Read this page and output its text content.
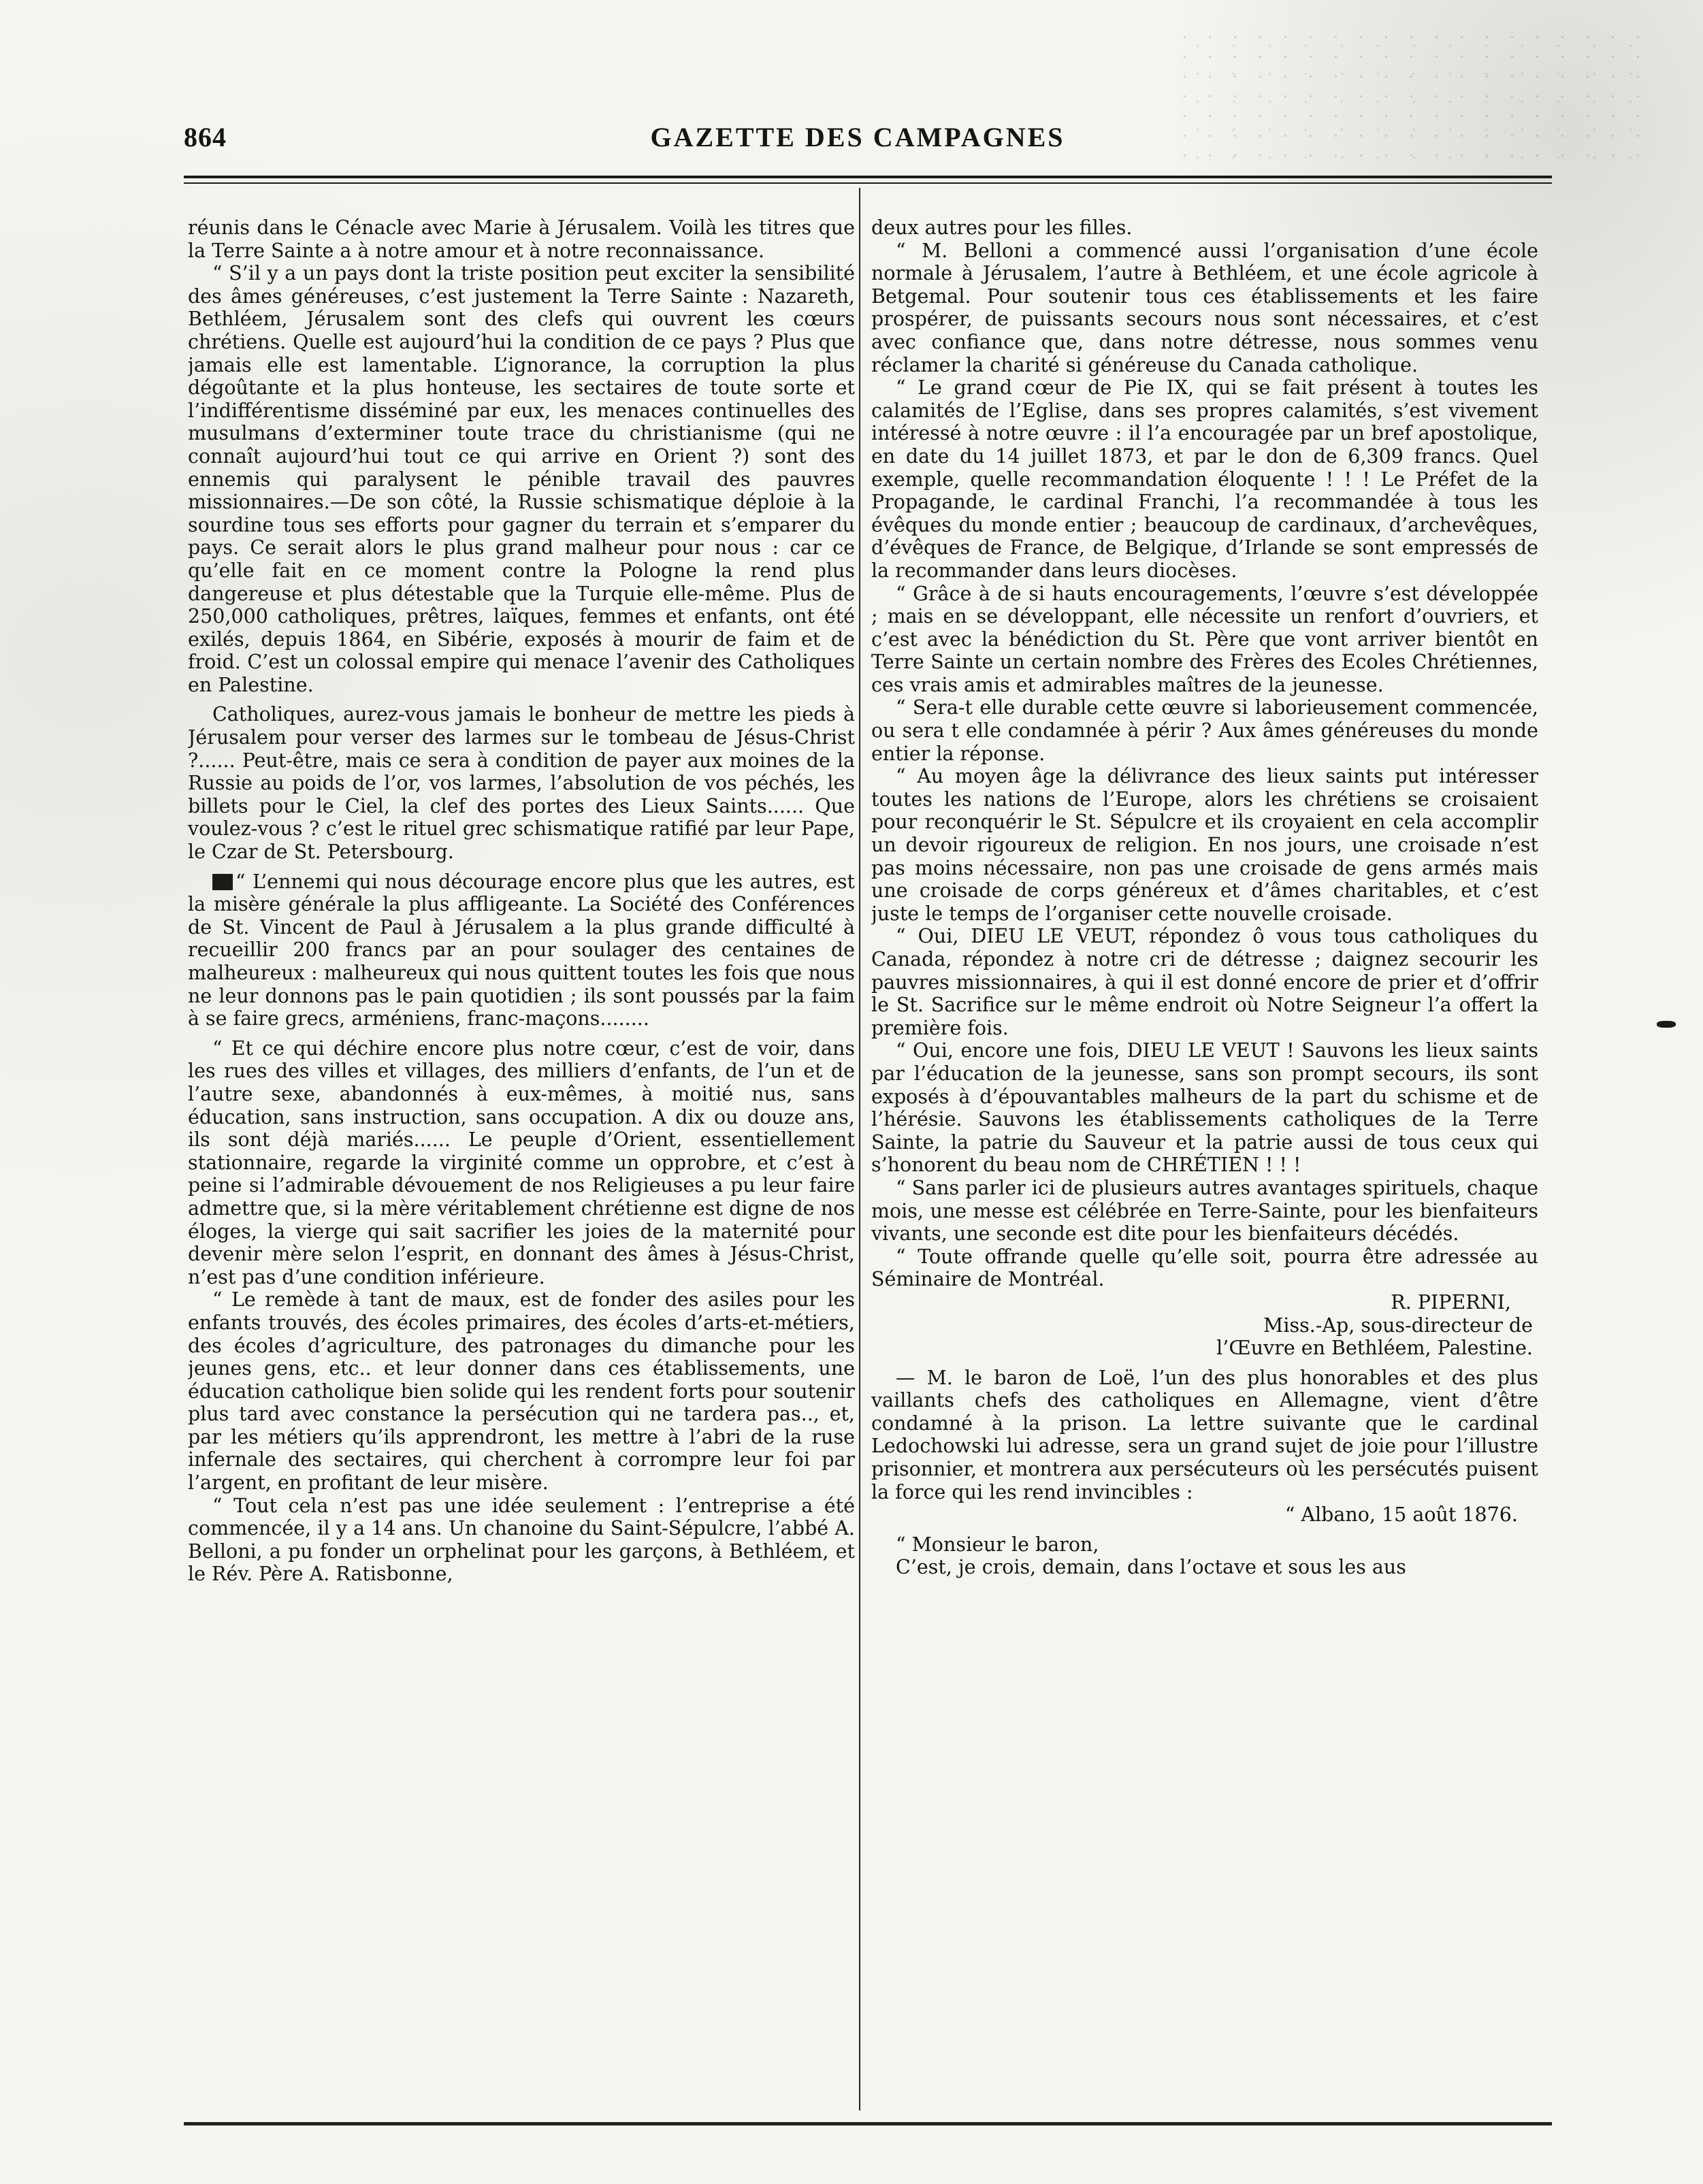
864	GAZETTE DES CAMPAGNES

réunis dans le Cénacle avec Marie à Jérusalem. Voilà les titres que la Terre Sainte a à notre amour et à notre reconnaissance.

“ S’il y a un pays dont la triste position peut exciter la sensibilité des âmes généreuses, c’est justement la Terre Sainte : Nazareth, Bethléem, Jérusalem sont des clefs qui ouvrent les cœurs chrétiens. Quelle est aujourd’hui la condition de ce pays ? Plus que jamais elle est lamentable. L’ignorance, la corruption la plus dégoûtante et la plus honteuse, les sectaires de toute sorte et l’indifférentisme disséminé par eux, les menaces continuelles des musulmans d’exterminer toute trace du christianisme (qui ne connaît aujourd’hui tout ce qui arrive en Orient ?) sont des ennemis qui paralysent le pénible travail des pauvres missionnaires.—De son côté, la Russie schismatique déploie à la sourdine tous ses efforts pour gagner du terrain et s’emparer du pays. Ce serait alors le plus grand malheur pour nous : car ce qu’elle fait en ce moment contre la Pologne la rend plus dangereuse et plus détestable que la Turquie elle-même. Plus de 250,000 catholiques, prêtres, laïques, femmes et enfants, ont été exilés, depuis 1864, en Sibérie, exposés à mourir de faim et de froid. C’est un colossal empire qui menace l’avenir des Catholiques en Palestine.

Catholiques, aurez-vous jamais le bonheur de mettre les pieds à Jérusalem pour verser des larmes sur le tombeau de Jésus-Christ ?...... Peut-être, mais ce sera à condition de payer aux moines de la Russie au poids de l’or, vos larmes, l’absolution de vos péchés, les billets pour le Ciel, la clef des portes des Lieux Saints...... Que voulez-vous ? c’est le rituel grec schismatique ratifié par leur Pape, le Czar de St. Petersbourg.

“ L’ennemi qui nous décourage encore plus que les autres, est la misère générale la plus affligeante. La Société des Conférences de St. Vincent de Paul à Jérusalem a la plus grande difficulté à recueillir 200 francs par an pour soulager des centaines de malheureux : malheureux qui nous quittent toutes les fois que nous ne leur donnons pas le pain quotidien ; ils sont poussés par la faim à se faire grecs, arméniens, franc-maçons........

“ Et ce qui déchire encore plus notre cœur, c’est de voir, dans les rues des villes et villages, des milliers d’enfants, de l’un et de l’autre sexe, abandonnés à eux-mêmes, à moitié nus, sans éducation, sans instruction, sans occupation. A dix ou douze ans, ils sont déjà mariés...... Le peuple d’Orient, essentiellement stationnaire, regarde la virginité comme un opprobre, et c’est à peine si l’admirable dévouement de nos Religieuses a pu leur faire admettre que, si la mère véritablement chrétienne est digne de nos éloges, la vierge qui sait sacrifier les joies de la maternité pour devenir mère selon l’esprit, en donnant des âmes à Jésus-Christ, n’est pas d’une condition inférieure.

“ Le remède à tant de maux, est de fonder des asiles pour les enfants trouvés, des écoles primaires, des écoles d’arts-et-métiers, des écoles d’agriculture, des patronages du dimanche pour les jeunes gens, etc.. et leur donner dans ces établissements, une éducation catholique bien solide qui les rendent forts pour soutenir plus tard avec constance la persécution qui ne tardera pas.., et, par les métiers qu’ils apprendront, les mettre à l’abri de la ruse infernale des sectaires, qui cherchent à corrompre leur foi par l’argent, en profitant de leur misère.

“ Tout cela n’est pas une idée seulement : l’entreprise a été commencée, il y a 14 ans. Un chanoine du Saint-Sépulcre, l’abbé A. Belloni, a pu fonder un orphelinat pour les garçons, à Bethléem, et le Rév. Père A. Ratisbonne,

deux autres pour les filles.

“ M. Belloni a commencé aussi l’organisation d’une école normale à Jérusalem, l’autre à Bethléem, et une école agricole à Betgemal. Pour soutenir tous ces établissements et les faire prospérer, de puissants secours nous sont nécessaires, et c’est avec confiance que, dans notre détresse, nous sommes venu réclamer la charité si généreuse du Canada catholique.

“ Le grand cœur de Pie IX, qui se fait présent à toutes les calamités de l’Eglise, dans ses propres calamités, s’est vivement intéressé à notre œuvre : il l’a encouragée par un bref apostolique, en date du 14 juillet 1873, et par le don de 6,309 francs. Quel exemple, quelle recommandation éloquente ! ! ! Le Préfet de la Propagande, le cardinal Franchi, l’a recommandée à tous les évêques du monde entier ; beaucoup de cardinaux, d’archevêques, d’évêques de France, de Belgique, d’Irlande se sont empressés de la recommander dans leurs diocèses.

“ Grâce à de si hauts encouragements, l’œuvre s’est développée ; mais en se développant, elle nécessite un renfort d’ouvriers, et c’est avec la bénédiction du St. Père que vont arriver bientôt en Terre Sainte un certain nombre des Frères des Ecoles Chrétiennes, ces vrais amis et admirables maîtres de la jeunesse.

“ Sera-t elle durable cette œuvre si laborieusement commencée, ou sera t elle condamnée à périr ? Aux âmes généreuses du monde entier la réponse.

“ Au moyen âge la délivrance des lieux saints put intéresser toutes les nations de l’Europe, alors les chrétiens se croisaient pour reconquérir le St. Sépulcre et ils croyaient en cela accomplir un devoir rigoureux de religion. En nos jours, une croisade n’est pas moins nécessaire, non pas une croisade de gens armés mais une croisade de corps généreux et d’âmes charitables, et c’est juste le temps de l’organiser cette nouvelle croisade.

“ Oui, DIEU LE VEUT, répondez ô vous tous catholiques du Canada, répondez à notre cri de détresse ; daignez secourir les pauvres missionnaires, à qui il est donné encore de prier et d’offrir le St. Sacrifice sur le même endroit où Notre Seigneur l’a offert la première fois.

“ Oui, encore une fois, DIEU LE VEUT ! Sauvons les lieux saints par l’éducation de la jeunesse, sans son prompt secours, ils sont exposés à d’épouvantables malheurs de la part du schisme et de l’hérésie. Sauvons les établissements catholiques de la Terre Sainte, la patrie du Sauveur et la patrie aussi de tous ceux qui s’honorent du beau nom de CHRÉTIEN ! ! !

“ Sans parler ici de plusieurs autres avantages spirituels, chaque mois, une messe est célébrée en Terre-Sainte, pour les bienfaiteurs vivants, une seconde est dite pour les bienfaiteurs décédés.

“ Toute offrande quelle qu’elle soit, pourra être adressée au Séminaire de Montréal.

R. PIPERNI,

Miss.-Ap, sous-directeur de

l’Œuvre en Bethléem, Palestine.

— M. le baron de Loë, l’un des plus honorables et des plus vaillants chefs des catholiques en Allemagne, vient d’être condamné à la prison. La lettre suivante que le cardinal Ledochowski lui adresse, sera un grand sujet de joie pour l’illustre prisonnier, et montrera aux persécuteurs où les persécutés puisent la force qui les rend invincibles :

“ Albano, 15 août 1876.

“ Monsieur le baron,

C’est, je crois, demain, dans l’octave et sous les aus
